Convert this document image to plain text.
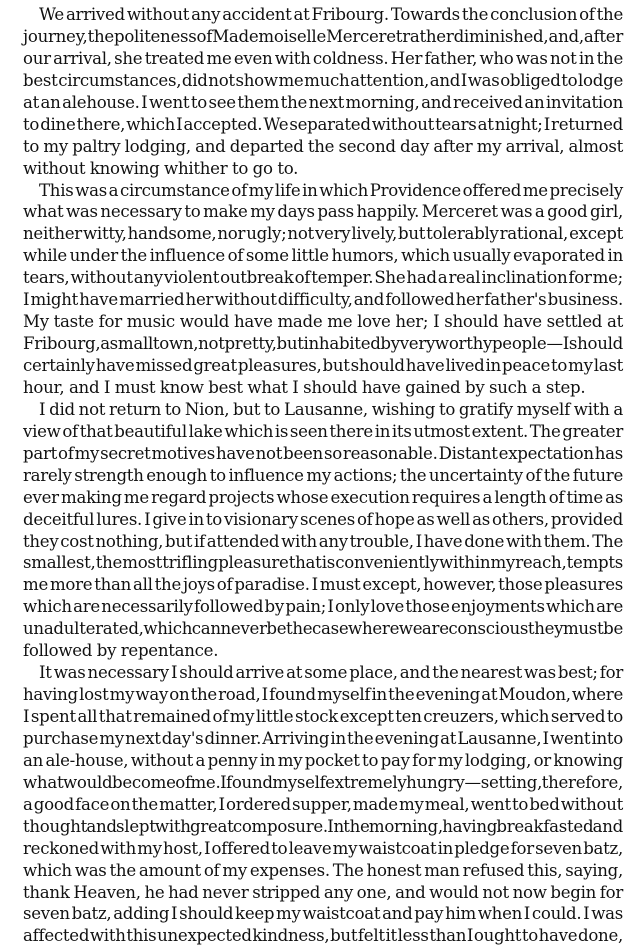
We arrived without any accident at Fribourg. Towards the conclusion of the
journey, the politeness of Mademoiselle Merceret rather diminished, and, after
our arrival, she treated me even with coldness. Her father, who was not in the
best circumstances, did not show me much attention, and I was obliged to lodge
at an alehouse. I went to see them the next morning, and received an invitation
to dine there, which I accepted. We separated without tears at night; I returned
to my paltry lodging, and departed the second day after my arrival, almost
without knowing whither to go to.
This was a circumstance of my life in which Providence offered me precisely
what was necessary to make my days pass happily. Merceret was a good girl,
neither witty, handsome, nor ugly; not very lively, but tolerably rational, except
while under the influence of some little humors, which usually evaporated in
tears, without any violent outbreak of temper. She had a real inclination for me;
I might have married her without difficulty, and followed her father's business.
My taste for music would have made me love her; I should have settled at
Fribourg, a small town, not pretty, but inhabited by very worthy people—I should
certainly have missed great pleasures, but should have lived in peace to my last
hour, and I must know best what I should have gained by such a step.
I did not return to Nion, but to Lausanne, wishing to gratify myself with a
view of that beautiful lake which is seen there in its utmost extent. The greater
part of my secret motives have not been so reasonable. Distant expectation has
rarely strength enough to influence my actions; the uncertainty of the future
ever making me regard projects whose execution requires a length of time as
deceitful lures. I give in to visionary scenes of hope as well as others, provided
they cost nothing, but if attended with any trouble, I have done with them. The
smallest, the most trifling pleasure that is conveniently within my reach, tempts
me more than all the joys of paradise. I must except, however, those pleasures
which are necessarily followed by pain; I only love those enjoyments which are
unadulterated, which can never be the case where we are conscious they must be
followed by repentance.
It was necessary I should arrive at some place, and the nearest was best; for
having lost my way on the road, I found myself in the evening at Moudon, where
I spent all that remained of my little stock except ten creuzers, which served to
purchase my next day's dinner. Arriving in the evening at Lausanne, I went into
an ale-house, without a penny in my pocket to pay for my lodging, or knowing
what would become of me. I found myself extremely hungry—setting, therefore,
a good face on the matter, I ordered supper, made my meal, went to bed without
thought and slept with great composure. In the morning, having breakfasted and
reckoned with my host, I offered to leave my waistcoat in pledge for seven batz,
which was the amount of my expenses. The honest man refused this, saying,
thank Heaven, he had never stripped any one, and would not now begin for
seven batz, adding I should keep my waistcoat and pay him when I could. I was
affected with this unexpected kindness, but felt it less than I ought to have done,
